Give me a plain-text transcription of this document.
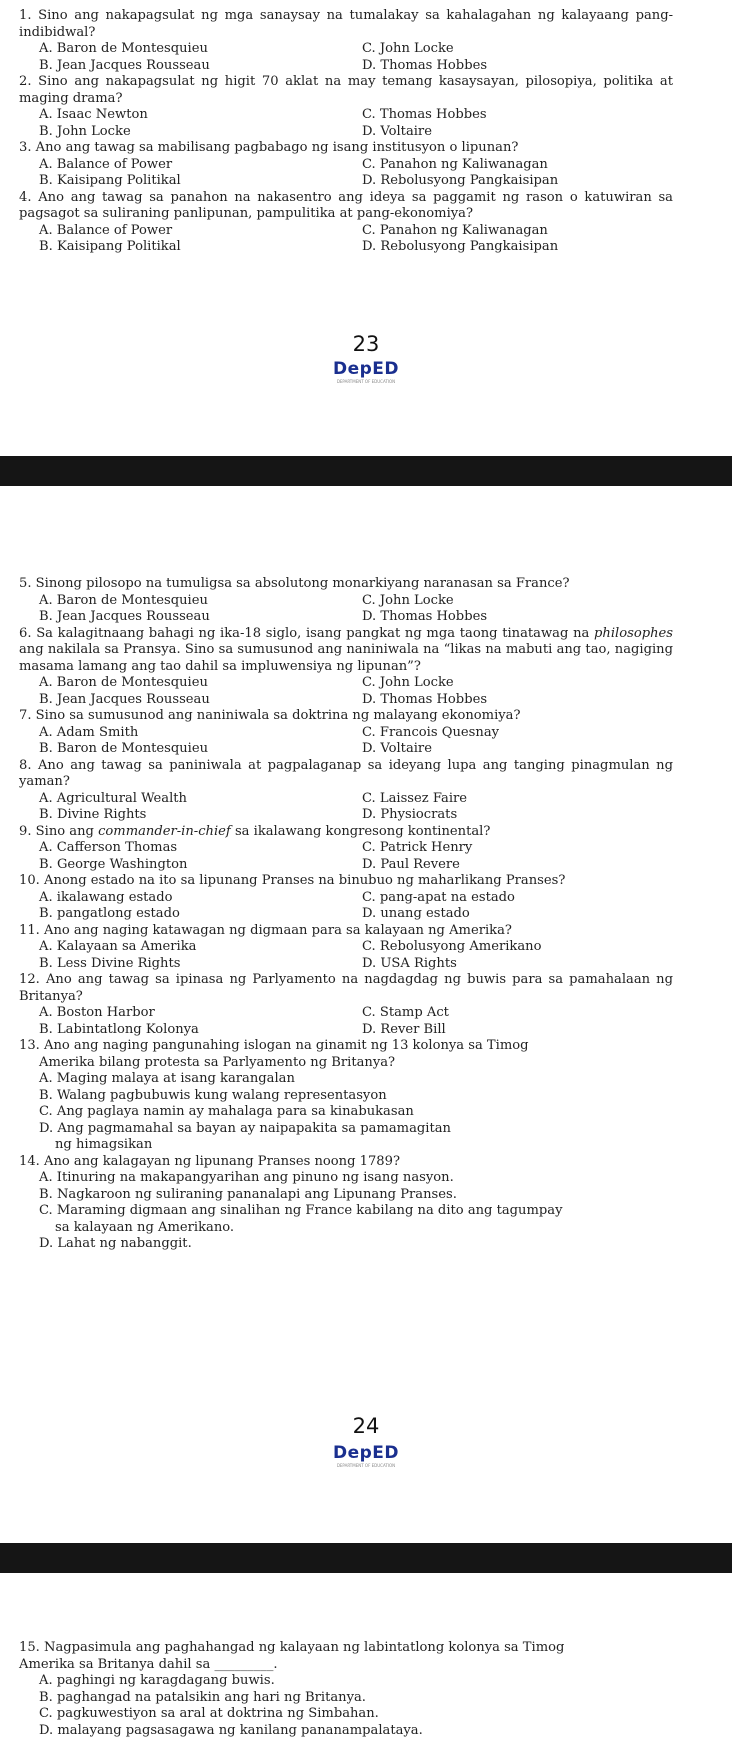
1. Sino ang nakapagsulat ng mga sanaysay na tumalakay sa kahalagahan ng kalayaang pang-indibidwal?
A. Baron de Montesquieu	C. John Locke
B. Jean Jacques Rousseau	D. Thomas Hobbes
2. Sino ang nakapagsulat ng higit 70 aklat na may temang kasaysayan, pilosopiya, politika at maging drama?
A. Isaac Newton	C. Thomas Hobbes
B. John Locke	D. Voltaire
3. Ano ang tawag sa mabilisang pagbabago ng isang institusyon o lipunan?
A. Balance of Power	C. Panahon ng Kaliwanagan
B. Kaisipang Politikal	D. Rebolusyong Pangkaisipan
4. Ano ang tawag sa panahon na nakasentro ang ideya sa paggamit ng rason o katuwiran sa pagsagot sa suliraning panlipunan, pampulitika at pang-ekonomiya?
A. Balance of Power	C. Panahon ng Kaliwanagan
B. Kaisipang Politikal	D. Rebolusyong Pangkaisipan
23
DepED
DEPARTMENT OF EDUCATION
5. Sinong pilosopo na tumuligsa sa absolutong monarkiyang naranasan sa France?
A. Baron de Montesquieu	C. John Locke
B. Jean Jacques Rousseau	D. Thomas Hobbes
6. Sa kalagitnaang bahagi ng ika-18 siglo, isang pangkat ng mga taong tinatawag na philosophes ang nakilala sa Pransya. Sino sa sumusunod ang naniniwala na “likas na mabuti ang tao, nagiging masama lamang ang tao dahil sa impluwensiya ng lipunan”?
A. Baron de Montesquieu	C. John Locke
B. Jean Jacques Rousseau	D. Thomas Hobbes
7. Sino sa sumusunod ang naniniwala sa doktrina ng malayang ekonomiya?
A. Adam Smith	C. Francois Quesnay
B. Baron de Montesquieu	D. Voltaire
8. Ano ang tawag sa paniniwala at pagpalaganap sa ideyang lupa ang tanging pinagmulan ng yaman?
A. Agricultural Wealth	C. Laissez Faire
B. Divine Rights	D. Physiocrats
9. Sino ang commander-in-chief sa ikalawang kongresong kontinental?
A. Cafferson Thomas	C. Patrick Henry
B. George Washington	D. Paul Revere
10. Anong estado na ito sa lipunang Pranses na binubuo ng maharlikang Pranses?
A. ikalawang estado	C. pang-apat na estado
B. pangatlong estado	D. unang estado
11. Ano ang naging katawagan ng digmaan para sa kalayaan ng Amerika?
A. Kalayaan sa Amerika	C. Rebolusyong Amerikano
B. Less Divine Rights	D. USA Rights
12. Ano ang tawag sa ipinasa ng Parlyamento na nagdagdag ng buwis para sa pamahalaan ng Britanya?
A. Boston Harbor	C. Stamp Act
B. Labintatlong Kolonya	D. Rever Bill
13. Ano ang naging pangunahing islogan na ginamit ng 13 kolonya sa Timog
Amerika bilang protesta sa Parlyamento ng Britanya?
A. Maging malaya at isang karangalan
B. Walang pagbubuwis kung walang representasyon
C. Ang paglaya namin ay mahalaga para sa kinabukasan
D. Ang pagmamahal sa bayan ay naipapakita sa pamamagitan
ng himagsikan
14. Ano ang kalagayan ng lipunang Pranses noong 1789?
A. Itinuring na makapangyarihan ang pinuno ng isang nasyon.
B. Nagkaroon ng suliraning pananalapi ang Lipunang Pranses.
C. Maraming digmaan ang sinalihan ng France kabilang na dito ang tagumpay
sa kalayaan ng Amerikano.
D. Lahat ng nabanggit.
24
DepED
DEPARTMENT OF EDUCATION
15. Nagpasimula ang paghahangad ng kalayaan ng labintatlong kolonya sa Timog
Amerika sa Britanya dahil sa _________.
A. paghingi ng karagdagang buwis.
B. paghangad na patalsikin ang hari ng Britanya.
C. pagkuwestiyon sa aral at doktrina ng Simbahan.
D. malayang pagsasagawa ng kanilang pananampalataya.
